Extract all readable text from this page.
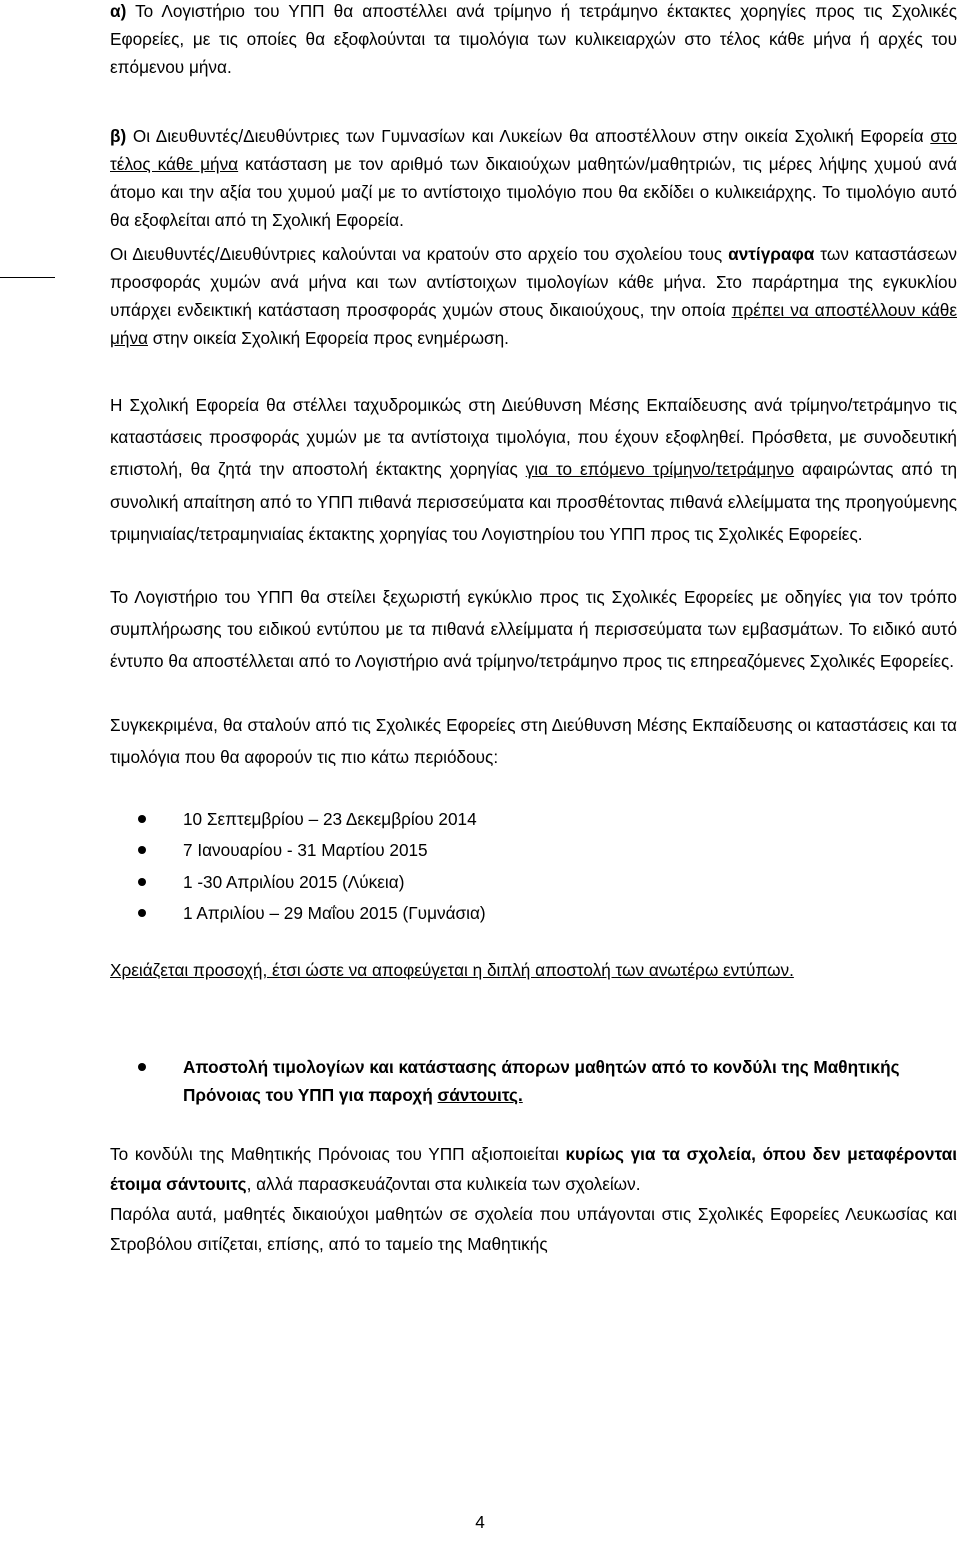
α) Το Λογιστήριο του ΥΠΠ θα αποστέλλει ανά τρίμηνο ή τετράμηνο έκτακτες χορηγίες προς τις Σχολικές Εφορείες, με τις οποίες θα εξοφλούνται τα τιμολόγια των κυλικειαρχών στο τέλος κάθε μήνα ή αρχές του επόμενου μήνα.

β) Οι Διευθυντές/Διευθύντριες των Γυμνασίων και Λυκείων θα αποστέλλουν στην οικεία Σχολική Εφορεία στο τέλος κάθε μήνα κατάσταση με τον αριθμό των δικαιούχων μαθητών/μαθητριών, τις μέρες λήψης χυμού ανά άτομο και την αξία του χυμού μαζί με το αντίστοιχο τιμολόγιο που θα εκδίδει ο κυλικειάρχης. Το τιμολόγιο αυτό θα εξοφλείται από τη Σχολική Εφορεία.

Οι Διευθυντές/Διευθύντριες καλούνται να κρατούν στο αρχείο του σχολείου τους αντίγραφα των καταστάσεων προσφοράς χυμών ανά μήνα και των αντίστοιχων τιμολογίων κάθε μήνα. Στο παράρτημα της εγκυκλίου υπάρχει ενδεικτική κατάσταση προσφοράς χυμών στους δικαιούχους, την οποία πρέπει να αποστέλλουν κάθε μήνα στην οικεία Σχολική Εφορεία προς ενημέρωση.

Η Σχολική Εφορεία θα στέλλει ταχυδρομικώς στη Διεύθυνση Μέσης Εκπαίδευσης ανά τρίμηνο/τετράμηνο τις καταστάσεις προσφοράς χυμών με τα αντίστοιχα τιμολόγια, που έχουν εξοφληθεί. Πρόσθετα, με συνοδευτική επιστολή, θα ζητά την αποστολή έκτακτης χορηγίας για το επόμενο τρίμηνο/τετράμηνο αφαιρώντας από τη συνολική απαίτηση από το ΥΠΠ πιθανά περισσεύματα και προσθέτοντας πιθανά ελλείμματα της προηγούμενης τριμηνιαίας/τετραμηνιαίας έκτακτης χορηγίας του Λογιστηρίου του ΥΠΠ προς τις Σχολικές Εφορείες.

Το Λογιστήριο του ΥΠΠ θα στείλει ξεχωριστή εγκύκλιο προς τις Σχολικές Εφορείες με οδηγίες για τον τρόπο συμπλήρωσης του ειδικού εντύπου με τα πιθανά ελλείμματα ή περισσεύματα των εμβασμάτων. Το ειδικό αυτό έντυπο θα αποστέλλεται από το Λογιστήριο ανά τρίμηνο/τετράμηνο προς τις επηρεαζόμενες Σχολικές Εφορείες.

Συγκεκριμένα, θα σταλούν από τις Σχολικές Εφορείες στη Διεύθυνση Μέσης Εκπαίδευσης οι καταστάσεις και τα τιμολόγια που θα αφορούν τις πιο κάτω περιόδους:

10 Σεπτεμβρίου – 23 Δεκεμβρίου 2014
7 Ιανουαρίου - 31 Μαρτίου 2015
1 -30 Απριλίου 2015 (Λύκεια)
1 Απριλίου – 29 Μαΐου 2015 (Γυμνάσια)

Χρειάζεται προσοχή, έτσι ώστε να αποφεύγεται η διπλή αποστολή των ανωτέρω εντύπων.

Αποστολή τιμολογίων και κατάστασης άπορων μαθητών από το κονδύλι της Μαθητικής Πρόνοιας του ΥΠΠ για παροχή σάντουιτς.

Το κονδύλι της Μαθητικής Πρόνοιας του ΥΠΠ αξιοποιείται κυρίως για τα σχολεία, όπου δεν μεταφέρονται έτοιμα σάντουιτς, αλλά παρασκευάζονται στα κυλικεία των σχολείων.

Παρόλα αυτά, μαθητές δικαιούχοι μαθητών σε σχολεία που υπάγονται στις Σχολικές Εφορείες Λευκωσίας και Στροβόλου σιτίζεται, επίσης, από το ταμείο της Μαθητικής

4
